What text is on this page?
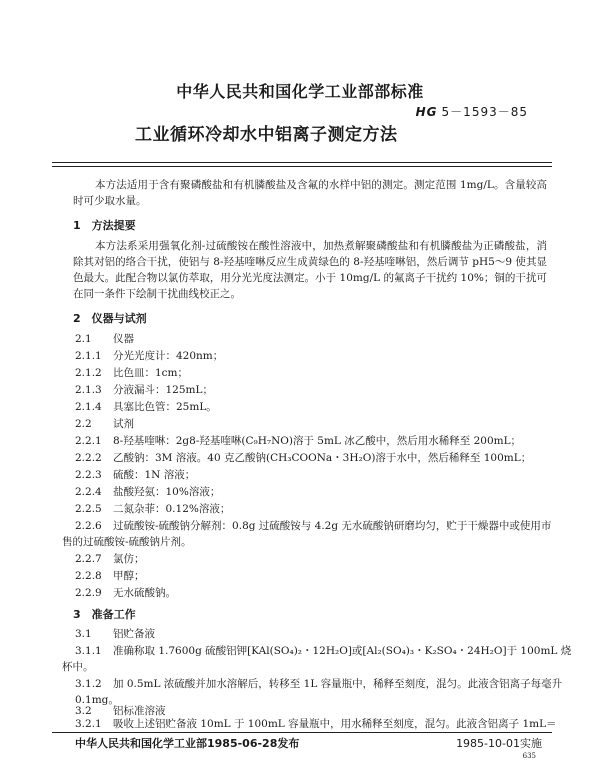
中华人民共和国化学工业部部标准
HG 5－1593－85
工业循环冷却水中铝离子测定方法
本方法适用于含有聚磷酸盐和有机膦酸盐及含氟的水样中铝的测定。测定范围 1mg/L。含量较高时可少取水量。
1　方法提要
本方法系采用强氧化剂-过硫酸铵在酸性溶液中，加热煮解聚磷酸盐和有机膦酸盐为正磷酸盐，消除其对铝的络合干扰，使铝与 8-羟基喹啉反应生成黄绿色的 8-羟基喹啉铝，然后调节 pH5～9 使其显色最大。此配合物以氯仿萃取，用分光光度法测定。小于 10mg/L 的氟离子干扰约 10%；铜的干扰可在同一条件下绘制干扰曲线校正之。
2　仪器与试剂
2.1 仪器
2.1.1 分光光度计：420nm；
2.1.2 比色皿：1cm；
2.1.3 分液漏斗：125mL；
2.1.4 具塞比色管：25mL。
2.2 试剂
2.2.1 8-羟基喹啉：2g8-羟基喹啉(C₉H₇NO)溶于 5mL 冰乙酸中，然后用水稀释至 200mL；
2.2.2 乙酸钠：3M 溶液。40 克乙酸钠(CH₃COONa・3H₂O)溶于水中，然后稀释至 100mL；
2.2.3 硫酸：1N 溶液；
2.2.4 盐酸羟氨：10%溶液；
2.2.5 二氮杂菲：0.12%溶液；
2.2.6 过硫酸铵-硫酸钠分解剂：0.8g 过硫酸铵与 4.2g 无水硫酸钠研磨均匀，贮于干燥器中或使用市
售的过硫酸铵-硫酸钠片剂。
2.2.7 氯仿；
2.2.8 甲醇；
2.2.9 无水硫酸钠。
3　准备工作
3.1 铝贮备液
3.1.1 准确称取 1.7600g 硫酸铝钾[KAl(SO₄)₂・12H₂O]或[Al₂(SO₄)₃・K₂SO₄・24H₂O]于 100mL 烧
杯中。
3.1.2 加 0.5mL 浓硫酸并加水溶解后，转移至 1L 容量瓶中，稀释至刻度，混匀。此液含铝离子每毫升
0.1mg。
3.2 铝标准溶液
3.2.1 吸收上述铝贮备液 10mL 于 100mL 容量瓶中，用水稀释至刻度，混匀。此液含铝离子 1mL＝
中华人民共和国化学工业部1985-06-28发布	1985-10-01实施
635
